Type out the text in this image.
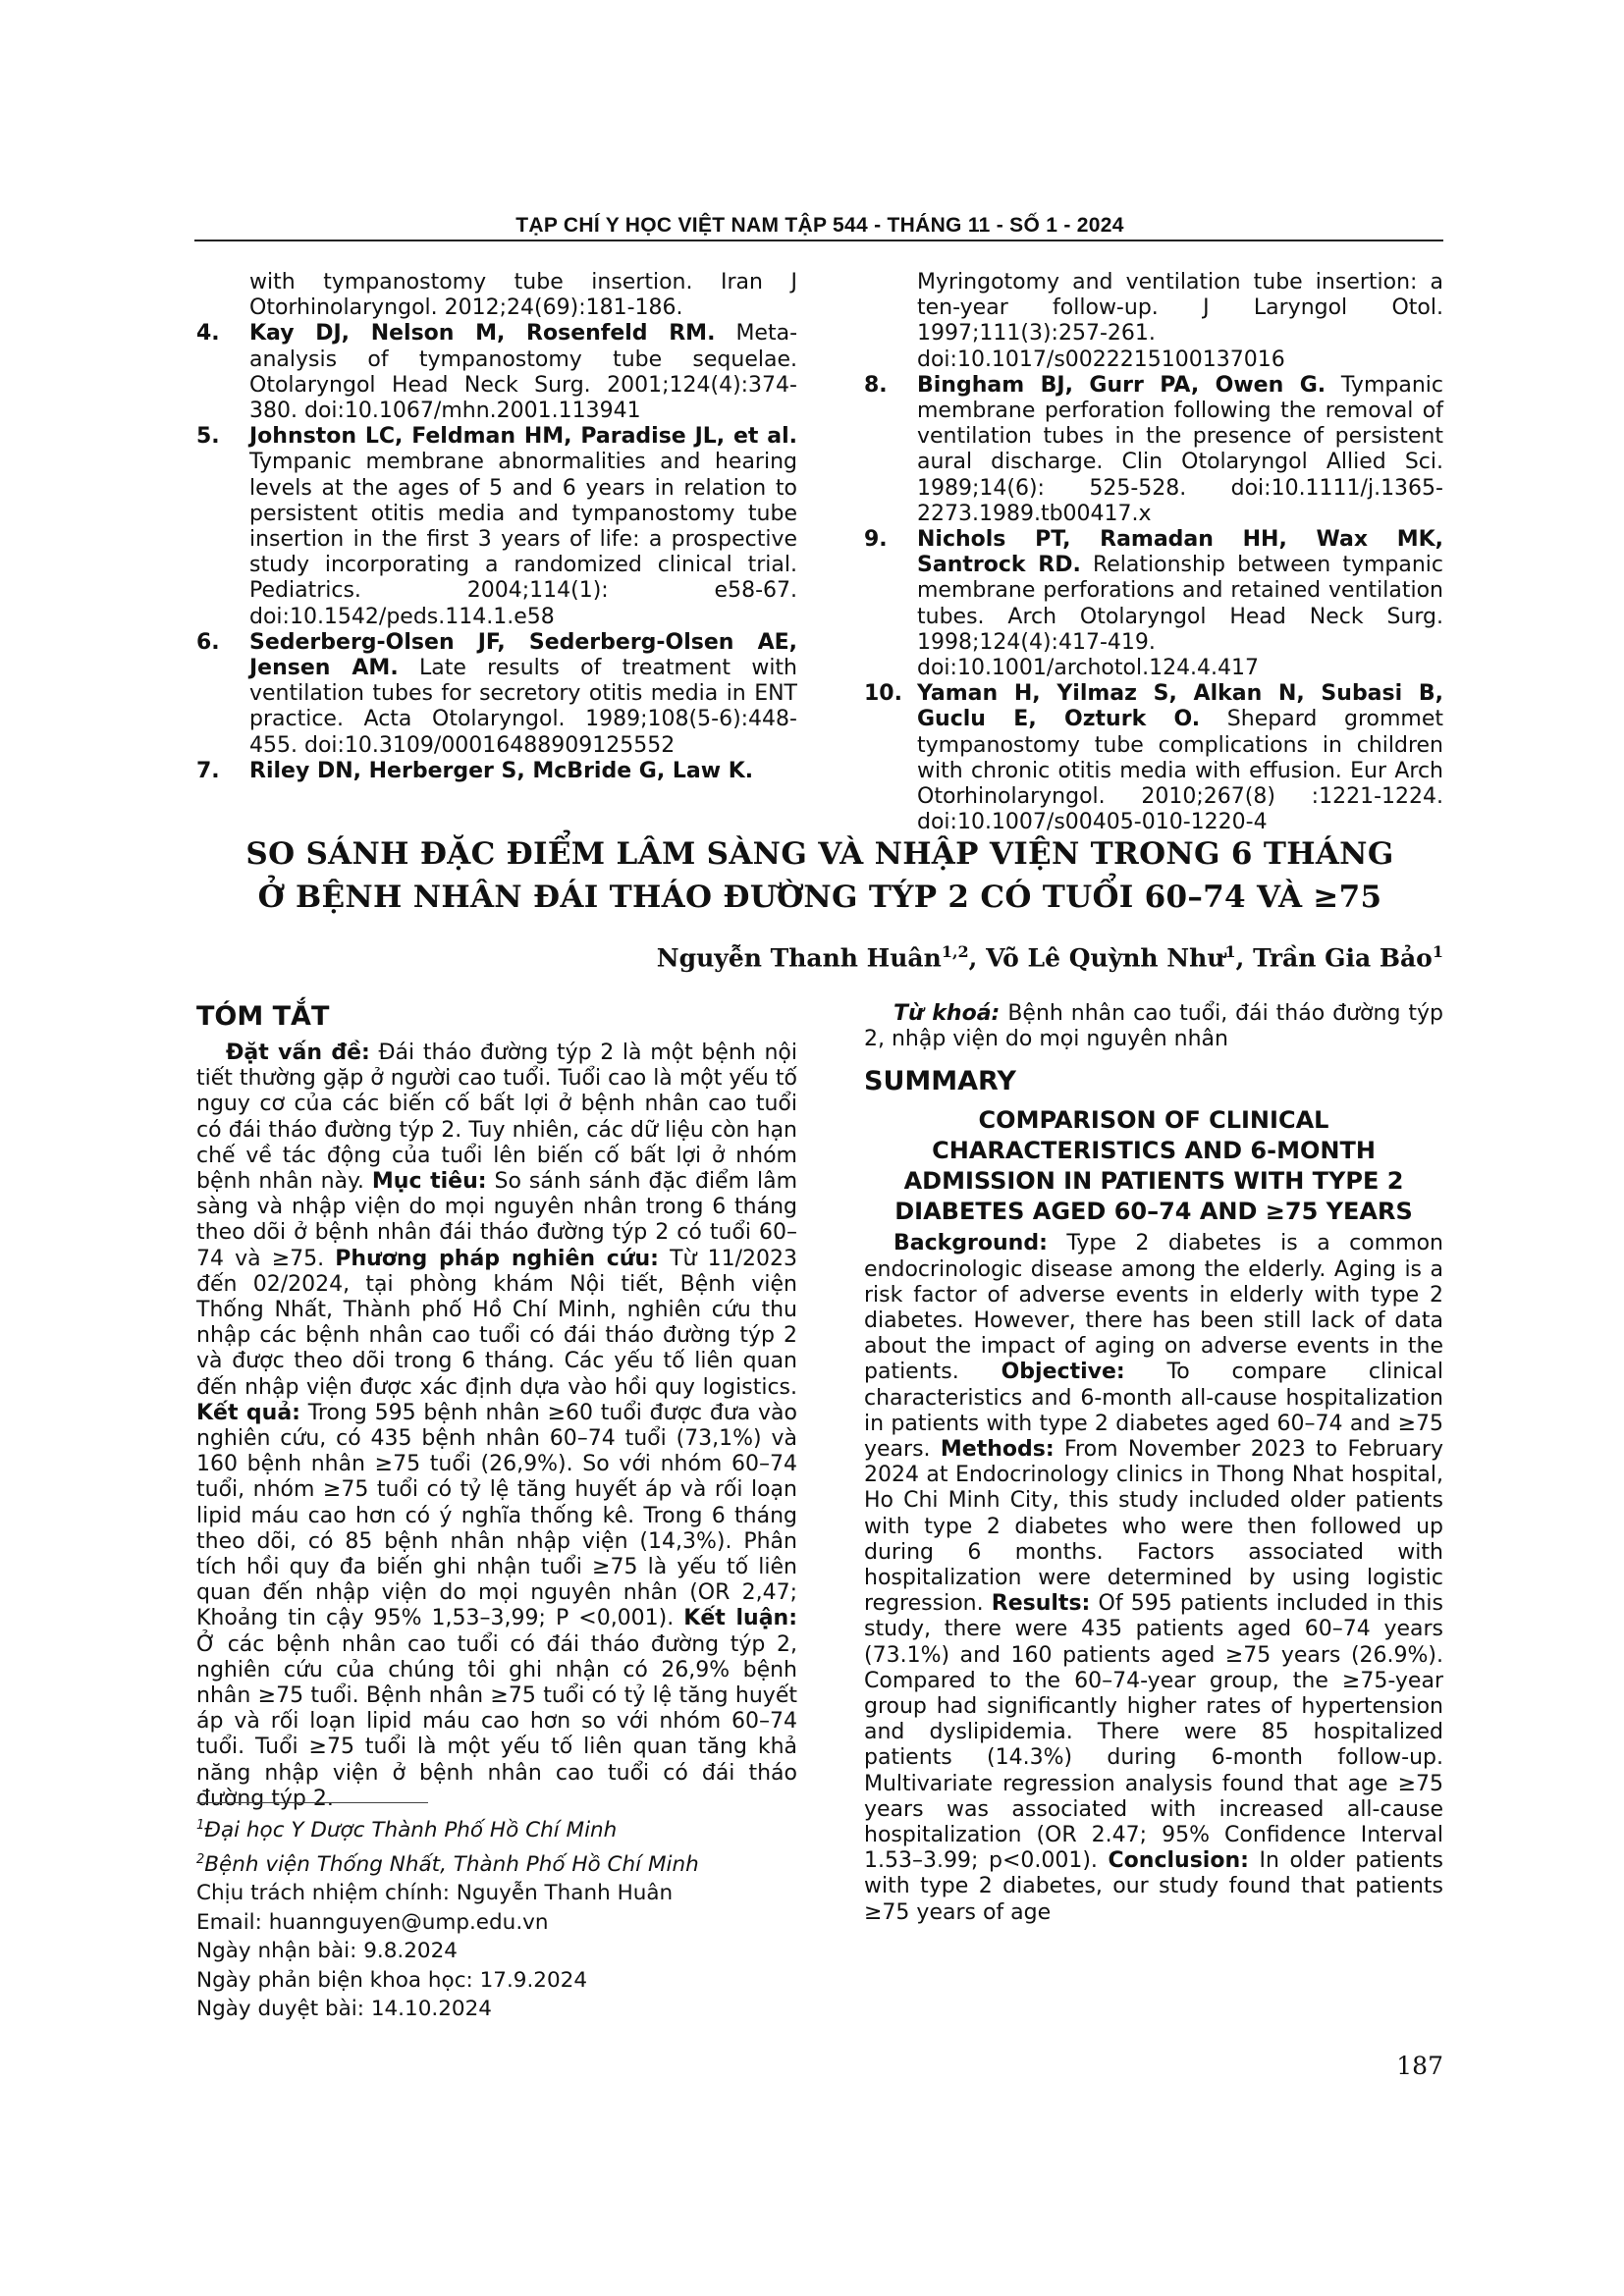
TẠP CHÍ Y HỌC VIỆT NAM TẬP 544 - THÁNG 11 - SỐ 1 - 2024

with tympanostomy tube insertion. Iran J Otorhinolaryngol. 2012;24(69):181-186.

4. Kay DJ, Nelson M, Rosenfeld RM. Meta-analysis of tympanostomy tube sequelae. Otolaryngol Head Neck Surg. 2001;124(4):374-380. doi:10.1067/mhn.2001.113941
5. Johnston LC, Feldman HM, Paradise JL, et al. Tympanic membrane abnormalities and hearing levels at the ages of 5 and 6 years in relation to persistent otitis media and tympanostomy tube insertion in the first 3 years of life: a prospective study incorporating a randomized clinical trial. Pediatrics. 2004;114(1): e58-67. doi:10.1542/peds.114.1.e58
6. Sederberg-Olsen JF, Sederberg-Olsen AE, Jensen AM. Late results of treatment with ventilation tubes for secretory otitis media in ENT practice. Acta Otolaryngol. 1989;108(5-6):448-455. doi:10.3109/00016488909125552
7. Riley DN, Herberger S, McBride G, Law K.

Myringotomy and ventilation tube insertion: a ten-year follow-up. J Laryngol Otol. 1997;111(3):257-261. doi:10.1017/s0022215100137016

8. Bingham BJ, Gurr PA, Owen G. Tympanic membrane perforation following the removal of ventilation tubes in the presence of persistent aural discharge. Clin Otolaryngol Allied Sci. 1989;14(6): 525-528. doi:10.1111/j.1365-2273.1989.tb00417.x
9. Nichols PT, Ramadan HH, Wax MK, Santrock RD. Relationship between tympanic membrane perforations and retained ventilation tubes. Arch Otolaryngol Head Neck Surg. 1998;124(4):417-419. doi:10.1001/archotol.124.4.417
10. Yaman H, Yilmaz S, Alkan N, Subasi B, Guclu E, Ozturk O. Shepard grommet tympanostomy tube complications in children with chronic otitis media with effusion. Eur Arch Otorhinolaryngol. 2010;267(8) :1221-1224. doi:10.1007/s00405-010-1220-4
SO SÁNH ĐẶC ĐIỂM LÂM SÀNG VÀ NHẬP VIỆN TRONG 6 THÁNG
Ở BỆNH NHÂN ĐÁI THÁO ĐƯỜNG TÝP 2 CÓ TUỔI 60–74 VÀ ≥75
Nguyễn Thanh Huân$^{1,2}$, Võ Lê Quỳnh Như$^1$, Trần Gia Bảo$^1$
TÓM TẮT

Đặt vấn đề: Đái tháo đường týp 2 là một bệnh nội tiết thường gặp ở người cao tuổi. Tuổi cao là một yếu tố nguy cơ của các biến cố bất lợi ở bệnh nhân cao tuổi có đái tháo đường týp 2. Tuy nhiên, các dữ liệu còn hạn chế về tác động của tuổi lên biến cố bất lợi ở nhóm bệnh nhân này. Mục tiêu: So sánh sánh đặc điểm lâm sàng và nhập viện do mọi nguyên nhân trong 6 tháng theo dõi ở bệnh nhân đái tháo đường týp 2 có tuổi 60–74 và ≥75. Phương pháp nghiên cứu: Từ 11/2023 đến 02/2024, tại phòng khám Nội tiết, Bệnh viện Thống Nhất, Thành phố Hồ Chí Minh, nghiên cứu thu nhập các bệnh nhân cao tuổi có đái tháo đường týp 2 và được theo dõi trong 6 tháng. Các yếu tố liên quan đến nhập viện được xác định dựa vào hồi quy logistics. Kết quả: Trong 595 bệnh nhân ≥60 tuổi được đưa vào nghiên cứu, có 435 bệnh nhân 60–74 tuổi (73,1%) và 160 bệnh nhân ≥75 tuổi (26,9%). So với nhóm 60–74 tuổi, nhóm ≥75 tuổi có tỷ lệ tăng huyết áp và rối loạn lipid máu cao hơn có ý nghĩa thống kê. Trong 6 tháng theo dõi, có 85 bệnh nhân nhập viện (14,3%). Phân tích hồi quy đa biến ghi nhận tuổi ≥75 là yếu tố liên quan đến nhập viện do mọi nguyên nhân (OR 2,47; Khoảng tin cậy 95% 1,53–3,99; P <0,001). Kết luận: Ở các bệnh nhân cao tuổi có đái tháo đường týp 2, nghiên cứu của chúng tôi ghi nhận có 26,9% bệnh nhân ≥75 tuổi. Bệnh nhân ≥75 tuổi có tỷ lệ tăng huyết áp và rối loạn lipid máu cao hơn so với nhóm 60–74 tuổi. Tuổi ≥75 tuổi là một yếu tố liên quan tăng khả năng nhập viện ở bệnh nhân cao tuổi có đái tháo đường týp 2.

Từ khoá: Bệnh nhân cao tuổi, đái tháo đường týp 2, nhập viện do mọi nguyên nhân

SUMMARY
COMPARISON OF CLINICAL CHARACTERISTICS AND 6-MONTH ADMISSION IN PATIENTS WITH TYPE 2 DIABETES AGED 60–74 AND ≥75 YEARS

Background: Type 2 diabetes is a common endocrinologic disease among the elderly. Aging is a risk factor of adverse events in elderly with type 2 diabetes. However, there has been still lack of data about the impact of aging on adverse events in the patients. Objective: To compare clinical characteristics and 6-month all-cause hospitalization in patients with type 2 diabetes aged 60–74 and ≥75 years. Methods: From November 2023 to February 2024 at Endocrinology clinics in Thong Nhat hospital, Ho Chi Minh City, this study included older patients with type 2 diabetes who were then followed up during 6 months. Factors associated with hospitalization were determined by using logistic regression. Results: Of 595 patients included in this study, there were 435 patients aged 60–74 years (73.1%) and 160 patients aged ≥75 years (26.9%). Compared to the 60–74-year group, the ≥75-year group had significantly higher rates of hypertension and dyslipidemia. There were 85 hospitalized patients (14.3%) during 6-month follow-up. Multivariate regression analysis found that age ≥75 years was associated with increased all-cause hospitalization (OR 2.47; 95% Confidence Interval 1.53–3.99; p<0.001). Conclusion: In older patients with type 2 diabetes, our study found that patients ≥75 years of age

$^1$Đại học Y Dược Thành Phố Hồ Chí Minh

$^2$Bệnh viện Thống Nhất, Thành Phố Hồ Chí Minh

Chịu trách nhiệm chính: Nguyễn Thanh Huân

Email: huannguyen@ump.edu.vn

Ngày nhận bài: 9.8.2024

Ngày phản biện khoa học: 17.9.2024

Ngày duyệt bài: 14.10.2024

187
